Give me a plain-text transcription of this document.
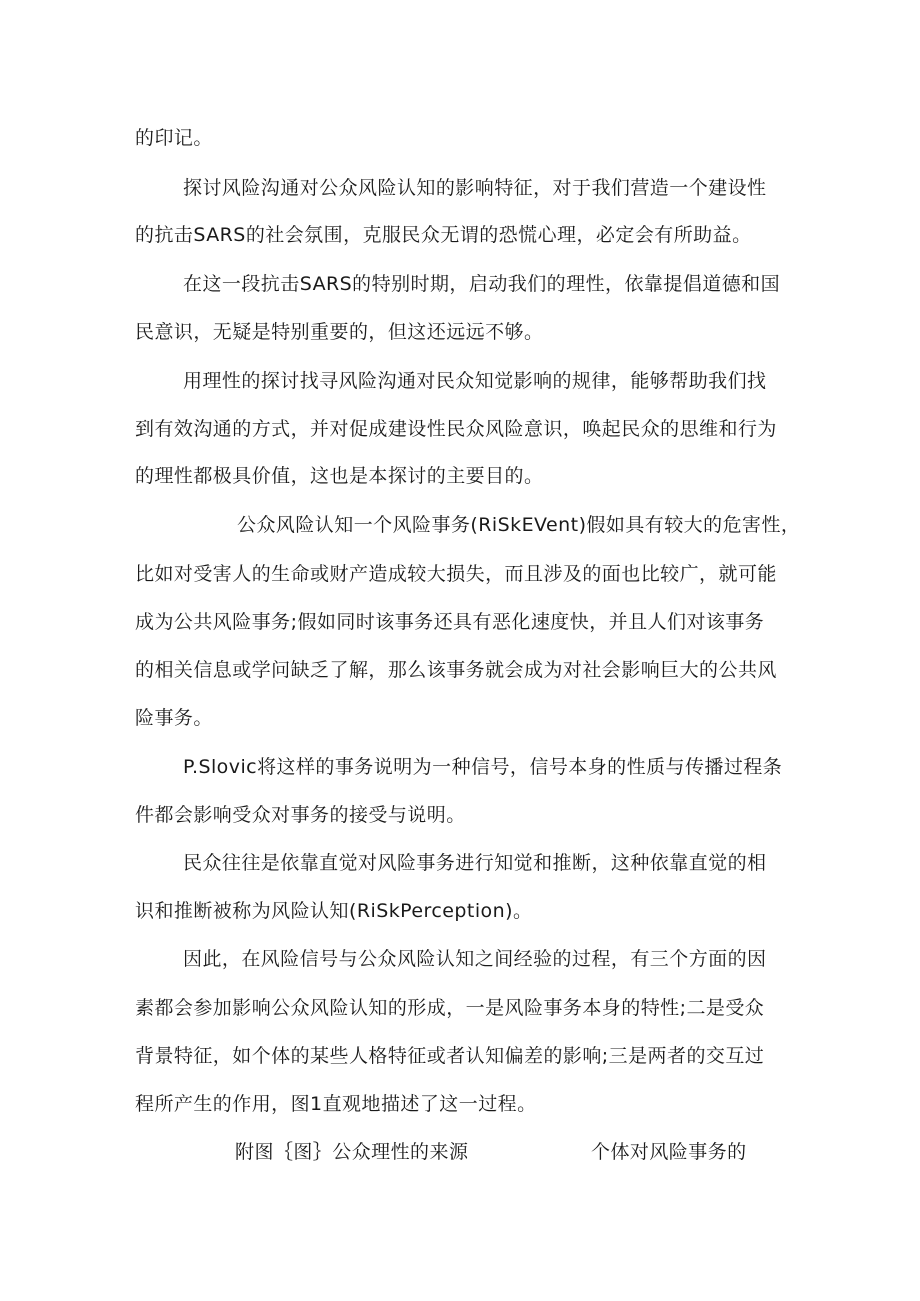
的印记。
探讨风险沟通对公众风险认知的影响特征，对于我们营造一个建设性
的抗击SARS的社会氛围，克服民众无谓的恐慌心理，必定会有所助益。
在这一段抗击SARS的特别时期，启动我们的理性，依靠提倡道德和国
民意识，无疑是特别重要的，但这还远远不够。
用理性的探讨找寻风险沟通对民众知觉影响的规律，能够帮助我们找
到有效沟通的方式，并对促成建设性民众风险意识，唤起民众的思维和行为
的理性都极具价值，这也是本探讨的主要目的。
公众风险认知一个风险事务(RiSkEVent)假如具有较大的危害性，
比如对受害人的生命或财产造成较大损失，而且涉及的面也比较广，就可能
成为公共风险事务;假如同时该事务还具有恶化速度快，并且人们对该事务
的相关信息或学问缺乏了解，那么该事务就会成为对社会影响巨大的公共风
险事务。
P.Slovic将这样的事务说明为一种信号，信号本身的性质与传播过程条
件都会影响受众对事务的接受与说明。
民众往往是依靠直觉对风险事务进行知觉和推断，这种依靠直觉的相
识和推断被称为风险认知(RiSkPerception)。
因此，在风险信号与公众风险认知之间经验的过程，有三个方面的因
素都会参加影响公众风险认知的形成，一是风险事务本身的特性;二是受众
背景特征，如个体的某些人格特征或者认知偏差的影响;三是两者的交互过
程所产生的作用，图1直观地描述了这一过程。
附图｛图｝公众理性的来源	个体对风险事务的
